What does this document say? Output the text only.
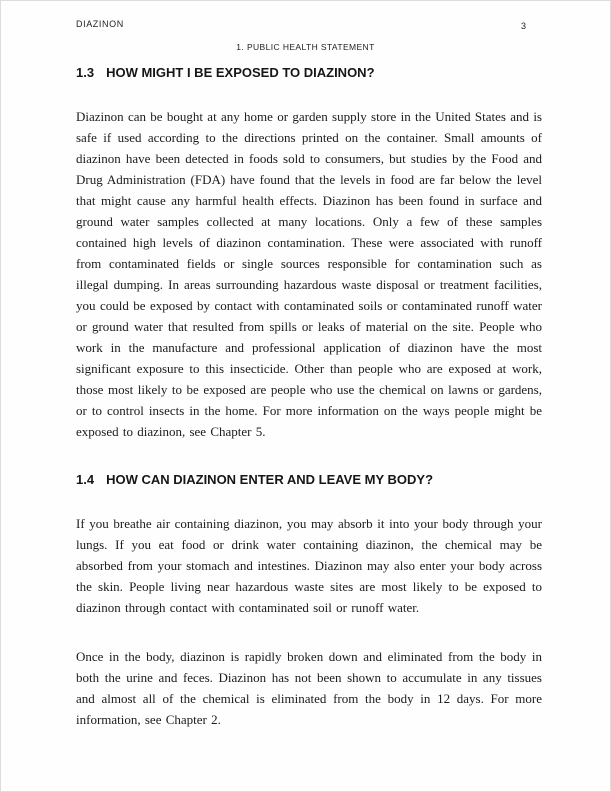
DIAZINON	3
1. PUBLIC HEALTH STATEMENT
1.3 HOW MIGHT I BE EXPOSED TO DIAZINON?

Diazinon can be bought at any home or garden supply store in the United States and is safe if used according to the directions printed on the container. Small amounts of diazinon have been detected in foods sold to consumers, but studies by the Food and Drug Administration (FDA) have found that the levels in food are far below the level that might cause any harmful health effects. Diazinon has been found in surface and ground water samples collected at many locations. Only a few of these samples contained high levels of diazinon contamination. These were associated with runoff from contaminated fields or single sources responsible for contamination such as illegal dumping. In areas surrounding hazardous waste disposal or treatment facilities, you could be exposed by contact with contaminated soils or contaminated runoff water or ground water that resulted from spills or leaks of material on the site. People who work in the manufacture and professional application of diazinon have the most significant exposure to this insecticide. Other than people who are exposed at work, those most likely to be exposed are people who use the chemical on lawns or gardens, or to control insects in the home. For more information on the ways people might be exposed to diazinon, see Chapter 5.

1.4 HOW CAN DIAZINON ENTER AND LEAVE MY BODY?

If you breathe air containing diazinon, you may absorb it into your body through your lungs. If you eat food or drink water containing diazinon, the chemical may be absorbed from your stomach and intestines. Diazinon may also enter your body across the skin. People living near hazardous waste sites are most likely to be exposed to diazinon through contact with contaminated soil or runoff water.

Once in the body, diazinon is rapidly broken down and eliminated from the body in both the urine and feces. Diazinon has not been shown to accumulate in any tissues and almost all of the chemical is eliminated from the body in 12 days. For more information, see Chapter 2.
